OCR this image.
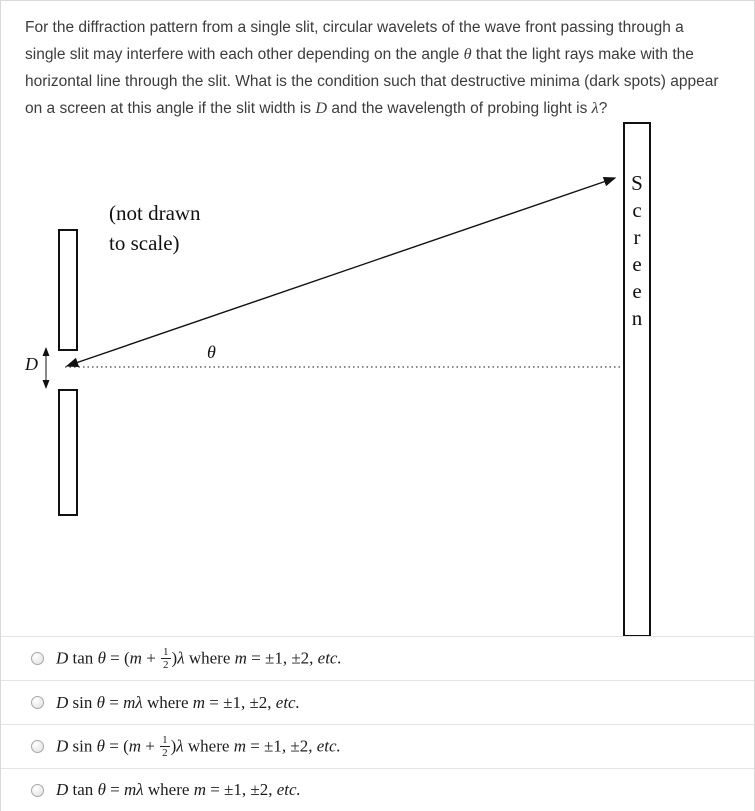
For the diffraction pattern from a single slit, circular wavelets of the wave front passing through a single slit may interfere with each other depending on the angle θ that the light rays make with the horizontal line through the slit. What is the condition such that destructive minima (dark spots) appear on a screen at this angle if the slit width is D and the wavelength of probing light is λ?
S
c
r
e
e
n
(not drawn
to scale)
θ
D
D $\tan \theta = (m + \frac{1}{2} )\lambda$ where m = ±1, ±2, etc.
D sin θ = mλ where m = ±1, ±2, etc.
D $\sin \theta = (m + \frac{1}{2} )\lambda$ where m = ±1, ±2, etc.
D tan θ = mλ where m = ±1, ±2, etc.
